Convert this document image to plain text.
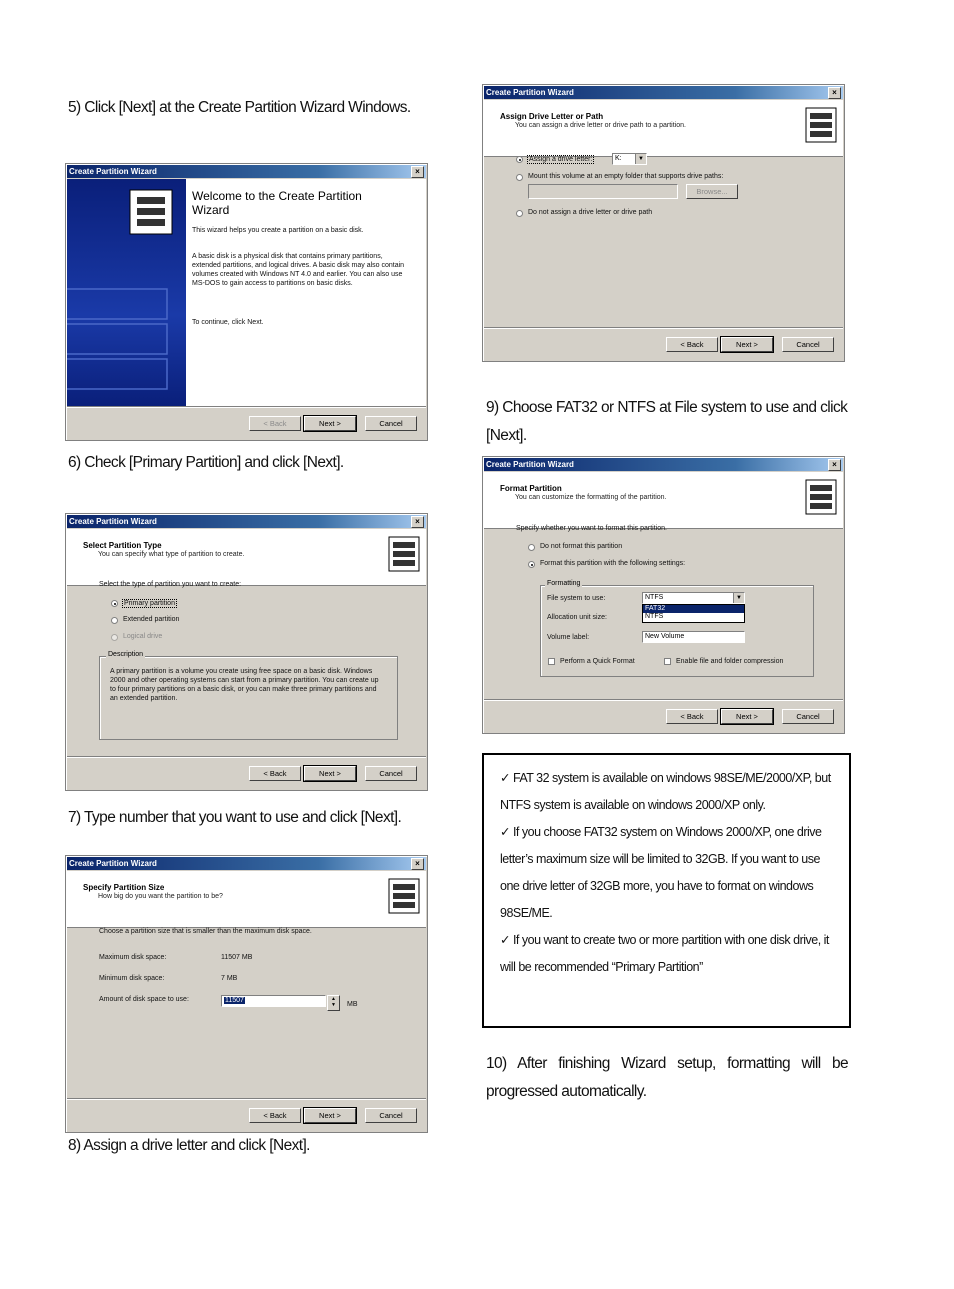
5) Click [Next] at the Create Partition Wizard Windows.
Create Partition Wizard	×
Welcome to the Create Partition Wizard
This wizard helps you create a partition on a basic disk.
A basic disk is a physical disk that contains primary partitions, extended partitions, and logical drives. A basic disk may also contain volumes created with Windows NT 4.0 and earlier. You can also use MS-DOS to gain access to partitions on basic disks.
To continue, click Next.
< Back	Next >	Cancel
6) Check [Primary Partition] and click [Next].
Create Partition Wizard	×
Select Partition Type
You can specify what type of partition to create.
Select the type of partition you want to create:
Primary partition
Extended partition
Logical drive
Description
A primary partition is a volume you create using free space on a basic disk. Windows 2000 and other operating systems can start from a primary partition. You can create up to four primary partitions on a basic disk, or you can make three primary partitions and an extended partition.
< Back	Next >	Cancel
7) Type number that you want to use and click [Next].
Create Partition Wizard	×
Specify Partition Size
How big do you want the partition to be?
Choose a partition size that is smaller than the maximum disk space.
Maximum disk space:	11507 MB
Minimum disk space:	7 MB
Amount of disk space to use:	11507	▲
▼	MB
< Back	Next >	Cancel
8) Assign a drive letter and click [Next].
Create Partition Wizard	×
Assign Drive Letter or Path
You can assign a drive letter or drive path to a partition.
Assign a drive letter:	K:	▼
Mount this volume at an empty folder that supports drive paths:
Browse...
Do not assign a drive letter or drive path
< Back	Next >	Cancel
9) Choose FAT32 or NTFS at File system to use and click [Next].
Create Partition Wizard	×
Format Partition
You can customize the formatting of the partition.
Specify whether you want to format this partition.
Do not format this partition
Format this partition with the following settings:
Formatting
File system to use:	NTFS	▼
FAT32
NTFS
Allocation unit size:
Volume label:	New Volume
Perform a Quick Format	Enable file and folder compression
< Back	Next >	Cancel
✓ FAT 32 system is available on windows 98SE/ME/2000/XP, but NTFS system is available on windows 2000/XP only.
✓ If you choose FAT32 system on Windows 2000/XP, one drive letter’s maximum size will be limited to 32GB. If you want to use one drive letter of 32GB more, you have to format on windows 98SE/ME.
✓ If you want to create two or more partition with one disk drive, it will be recommended “Primary Partition”
10) After finishing Wizard setup, formatting will be progressed automatically.
